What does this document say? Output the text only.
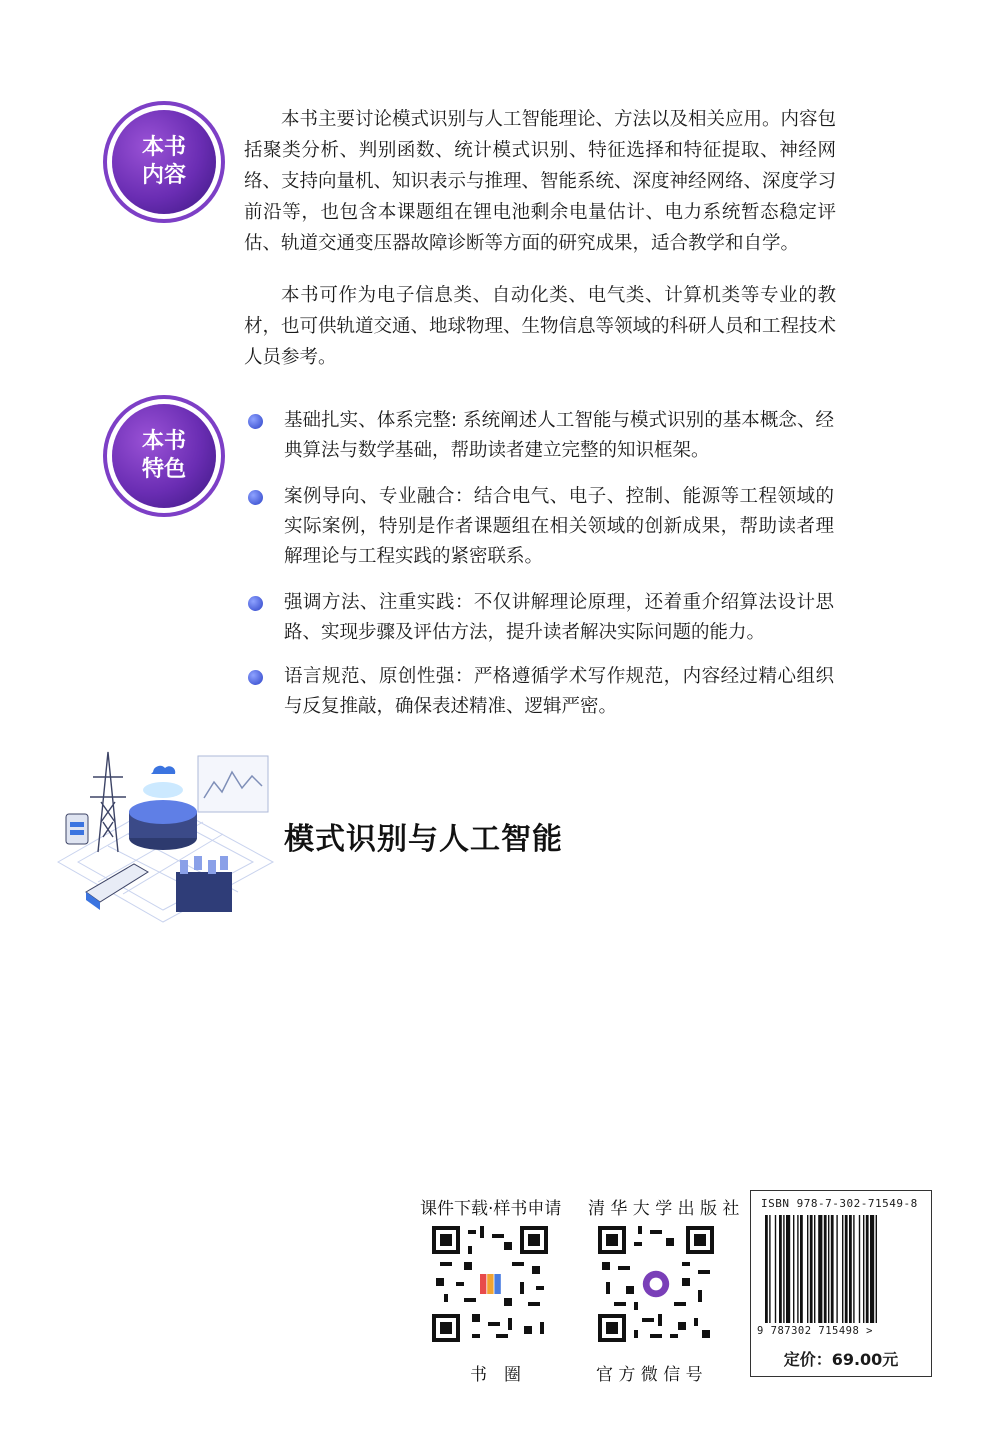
本书
内容

本书主要讨论模式识别与人工智能理论、方法以及相关应用。内容包括聚类分析、判别函数、统计模式识别、特征选择和特征提取、神经网络、支持向量机、知识表示与推理、智能系统、深度神经网络、深度学习前沿等，也包含本课题组在锂电池剩余电量估计、电力系统暂态稳定评估、轨道交通变压器故障诊断等方面的研究成果，适合教学和自学。

本书可作为电子信息类、自动化类、电气类、计算机类等专业的教材，也可供轨道交通、地球物理、生物信息等领域的科研人员和工程技术人员参考。

本书
特色

基础扎实、体系完整: 系统阐述人工智能与模式识别的基本概念、经典算法与数学基础，帮助读者建立完整的知识框架。

案例导向、专业融合：结合电气、电子、控制、能源等工程领域的实际案例，特别是作者课题组在相关领域的创新成果，帮助读者理解理论与工程实践的紧密联系。

强调方法、注重实践：不仅讲解理论原理，还着重介绍算法设计思路、实现步骤及评估方法，提升读者解决实际问题的能力。

语言规范、原创性强：严格遵循学术写作规范，内容经过精心组织与反复推敲，确保表述精准、逻辑严密。

模式识别与人工智能
课件下载·样书申请
书　圈
清 华 大 学 出 版 社
官 方 微 信 号
ISBN 978-7-302-71549-8
9 787302 715498 >
定价：69.00元
